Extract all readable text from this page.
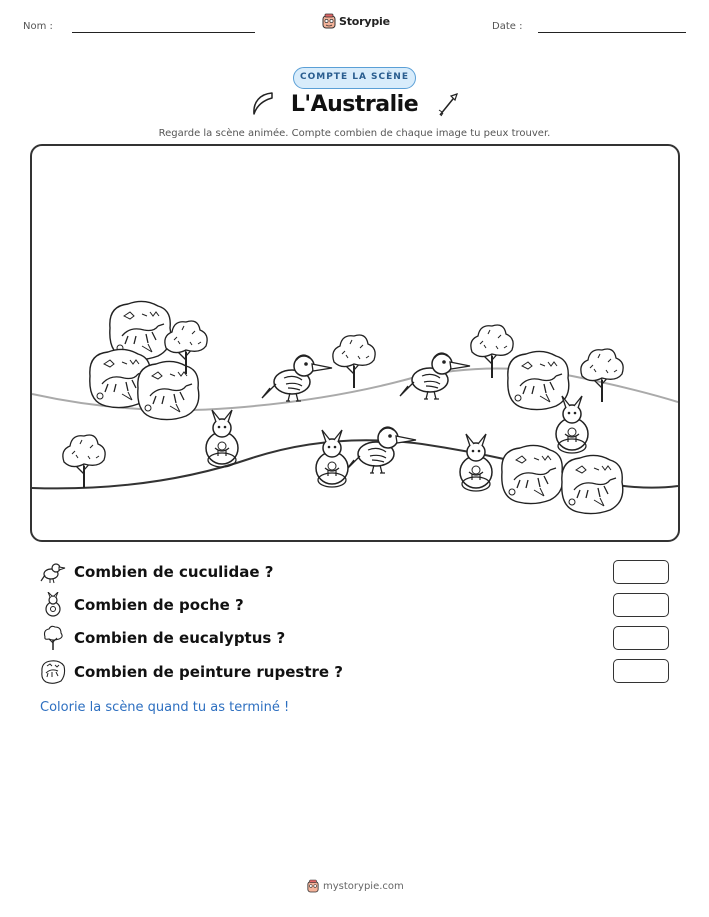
Nom :	Storypie	Date :
COMPTE LA SCÈNE
L'Australie
Regarde la scène animée. Compte combien de chaque image tu peux trouver.
Combien de cuculidae ?
Combien de poche ?
Combien de eucalyptus ?
Combien de peinture rupestre ?
Colorie la scène quand tu as terminé !
mystorypie.com
